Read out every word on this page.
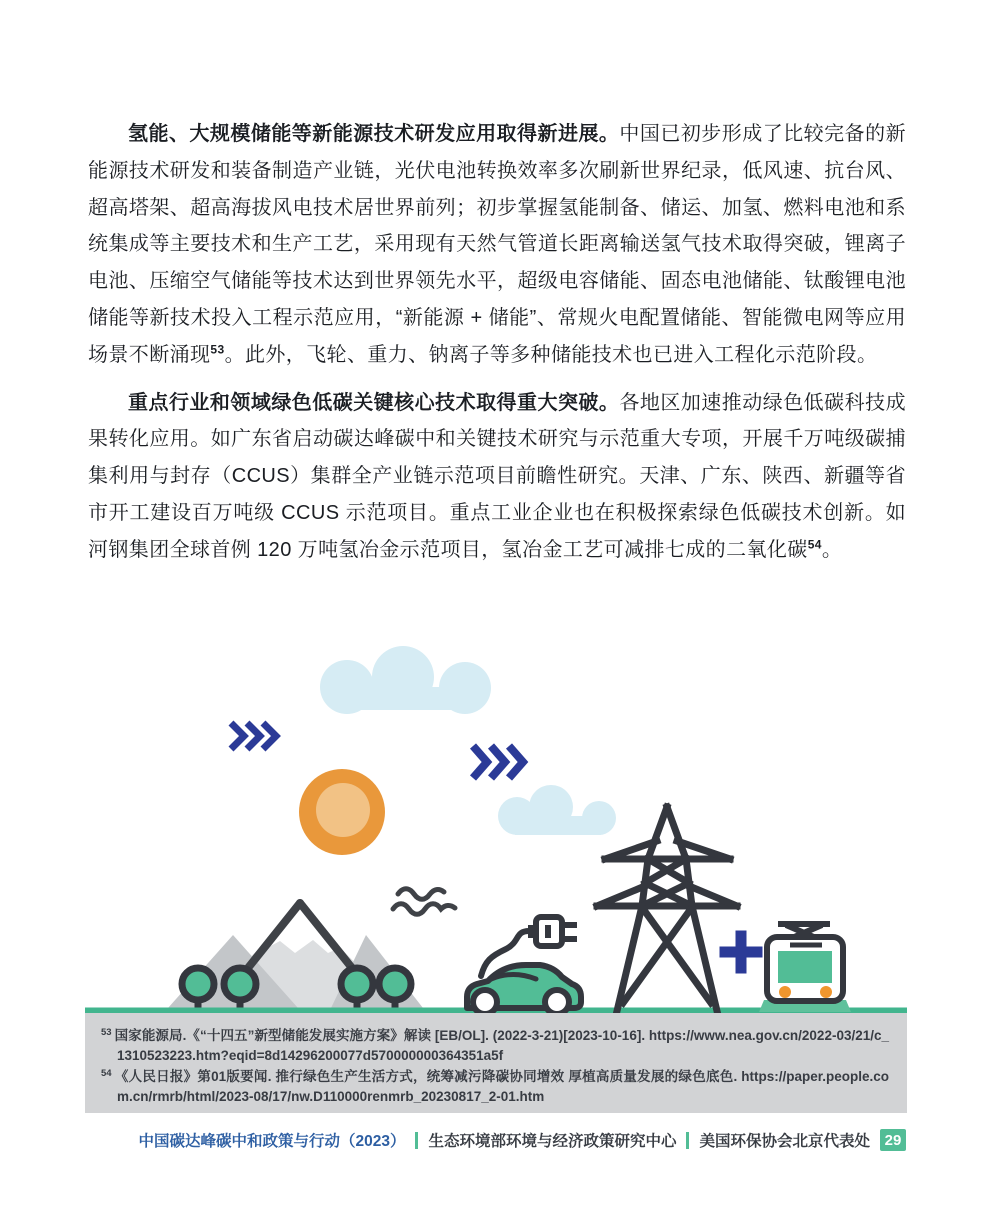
氢能、大规模储能等新能源技术研发应用取得新进展。中国已初步形成了比较完备的新能源技术研发和装备制造产业链，光伏电池转换效率多次刷新世界纪录，低风速、抗台风、超高塔架、超高海拔风电技术居世界前列；初步掌握氢能制备、储运、加氢、燃料电池和系统集成等主要技术和生产工艺，采用现有天然气管道长距离输送氢气技术取得突破，锂离子电池、压缩空气储能等技术达到世界领先水平，超级电容储能、固态电池储能、钛酸锂电池储能等新技术投入工程示范应用，“新能源 + 储能”、常规火电配置储能、智能微电网等应用场景不断涌现$^{53}$。此外，飞轮、重力、钠离子等多种储能技术也已进入工程化示范阶段。

重点行业和领域绿色低碳关键核心技术取得重大突破。各地区加速推动绿色低碳科技成果转化应用。如广东省启动碳达峰碳中和关键技术研究与示范重大专项，开展千万吨级碳捕集利用与封存（CCUS）集群全产业链示范项目前瞻性研究。天津、广东、陕西、新疆等省市开工建设百万吨级 CCUS 示范项目。重点工业企业也在积极探索绿色低碳技术创新。如河钢集团全球首例 120 万吨氢冶金示范项目，氢冶金工艺可减排七成的二氧化碳$^{54}$。

$^{53}$ 国家能源局.《“十四五”新型储能发展实施方案》解读 [EB/OL]. (2022-3-21)[2023-10-16]. https://www.nea.gov.cn/2022-03/21/c_1310523223.htm?eqid=8d14296200077d570000000364351a5f

$^{54}$ 《人民日报》第01版要闻. 推行绿色生产生活方式，统筹减污降碳协同增效 厚植高质量发展的绿色底色. https://paper.people.com.cn/rmrb/html/2023-08/17/nw.D110000renmrb_20230817_2-01.htm

中国碳达峰碳中和政策与行动（2023） 生态环境部环境与经济政策研究中心 美国环保协会北京代表处 29
